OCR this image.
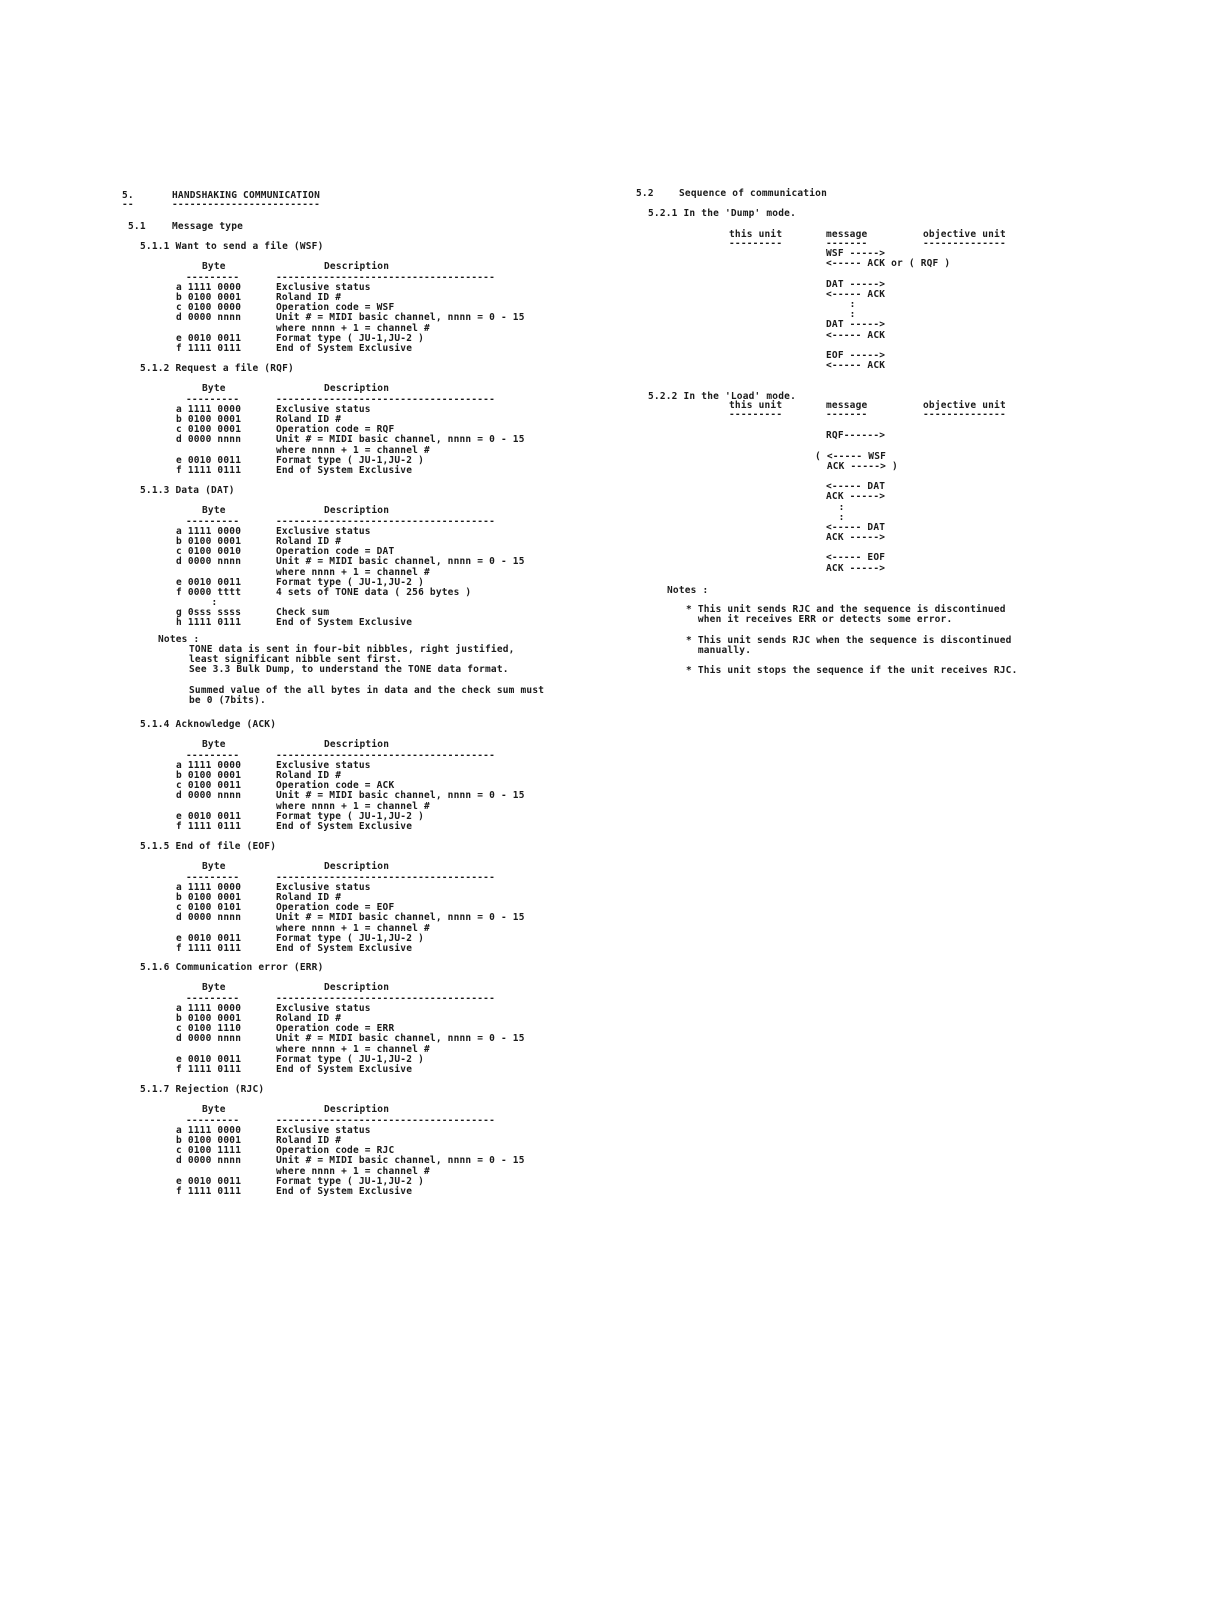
5.	HANDSHAKING COMMUNICATION
--	-------------------------
5.1	Message type
5.1.1 Want to send a file (WSF)
Byte	Description
---------	-------------------------------------
a 1111 0000	Exclusive status
b 0100 0001	Roland ID #
c 0100 0000	Operation code = WSF
d 0000 nnnn	Unit # = MIDI basic channel, nnnn = 0 - 15
where nnnn + 1 = channel #
e 0010 0011	Format type ( JU-1,JU-2 )
f 1111 0111	End of System Exclusive
5.1.2 Request a file (RQF)
Byte	Description
---------	-------------------------------------
a 1111 0000	Exclusive status
b 0100 0001	Roland ID #
c 0100 0001	Operation code = RQF
d 0000 nnnn	Unit # = MIDI basic channel, nnnn = 0 - 15
where nnnn + 1 = channel #
e 0010 0011	Format type ( JU-1,JU-2 )
f 1111 0111	End of System Exclusive
5.1.3 Data (DAT)
Byte	Description
---------	-------------------------------------
a 1111 0000	Exclusive status
b 0100 0001	Roland ID #
c 0100 0010	Operation code = DAT
d 0000 nnnn	Unit # = MIDI basic channel, nnnn = 0 - 15
where nnnn + 1 = channel #
e 0010 0011	Format type ( JU-1,JU-2 )
f 0000 tttt	4 sets of TONE data ( 256 bytes )
:
g 0sss ssss	Check sum
h 1111 0111	End of System Exclusive
Notes :
TONE data is sent in four-bit nibbles, right justified,
least significant nibble sent first.
See 3.3 Bulk Dump, to understand the TONE data format.
Summed value of the all bytes in data and the check sum must
be 0 (7bits).
5.1.4 Acknowledge (ACK)
Byte	Description
---------	-------------------------------------
a 1111 0000	Exclusive status
b 0100 0001	Roland ID #
c 0100 0011	Operation code = ACK
d 0000 nnnn	Unit # = MIDI basic channel, nnnn = 0 - 15
where nnnn + 1 = channel #
e 0010 0011	Format type ( JU-1,JU-2 )
f 1111 0111	End of System Exclusive
5.1.5 End of file (EOF)
Byte	Description
---------	-------------------------------------
a 1111 0000	Exclusive status
b 0100 0001	Roland ID #
c 0100 0101	Operation code = EOF
d 0000 nnnn	Unit # = MIDI basic channel, nnnn = 0 - 15
where nnnn + 1 = channel #
e 0010 0011	Format type ( JU-1,JU-2 )
f 1111 0111	End of System Exclusive
5.1.6 Communication error (ERR)
Byte	Description
---------	-------------------------------------
a 1111 0000	Exclusive status
b 0100 0001	Roland ID #
c 0100 1110	Operation code = ERR
d 0000 nnnn	Unit # = MIDI basic channel, nnnn = 0 - 15
where nnnn + 1 = channel #
e 0010 0011	Format type ( JU-1,JU-2 )
f 1111 0111	End of System Exclusive
5.1.7 Rejection (RJC)
Byte	Description
---------	-------------------------------------
a 1111 0000	Exclusive status
b 0100 0001	Roland ID #
c 0100 1111	Operation code = RJC
d 0000 nnnn	Unit # = MIDI basic channel, nnnn = 0 - 15
where nnnn + 1 = channel #
e 0010 0011	Format type ( JU-1,JU-2 )
f 1111 0111	End of System Exclusive
5.2	Sequence of communication
5.2.1 In the 'Dump' mode.
this unit	message	objective unit
---------	-------	--------------
WSF ----->
<----- ACK or ( RQF )
DAT ----->
<----- ACK
:
:
DAT ----->
<----- ACK
EOF ----->
<----- ACK
5.2.2 In the 'Load' mode.
this unit	message	objective unit
---------	-------	--------------
RQF------>
( <----- WSF
ACK -----> )
<----- DAT
ACK ----->
:
:
<----- DAT
ACK ----->
<----- EOF
ACK ----->
Notes :
* This unit sends RJC and the sequence is discontinued
when it receives ERR or detects some error.
* This unit sends RJC when the sequence is discontinued
manually.
* This unit stops the sequence if the unit receives RJC.
